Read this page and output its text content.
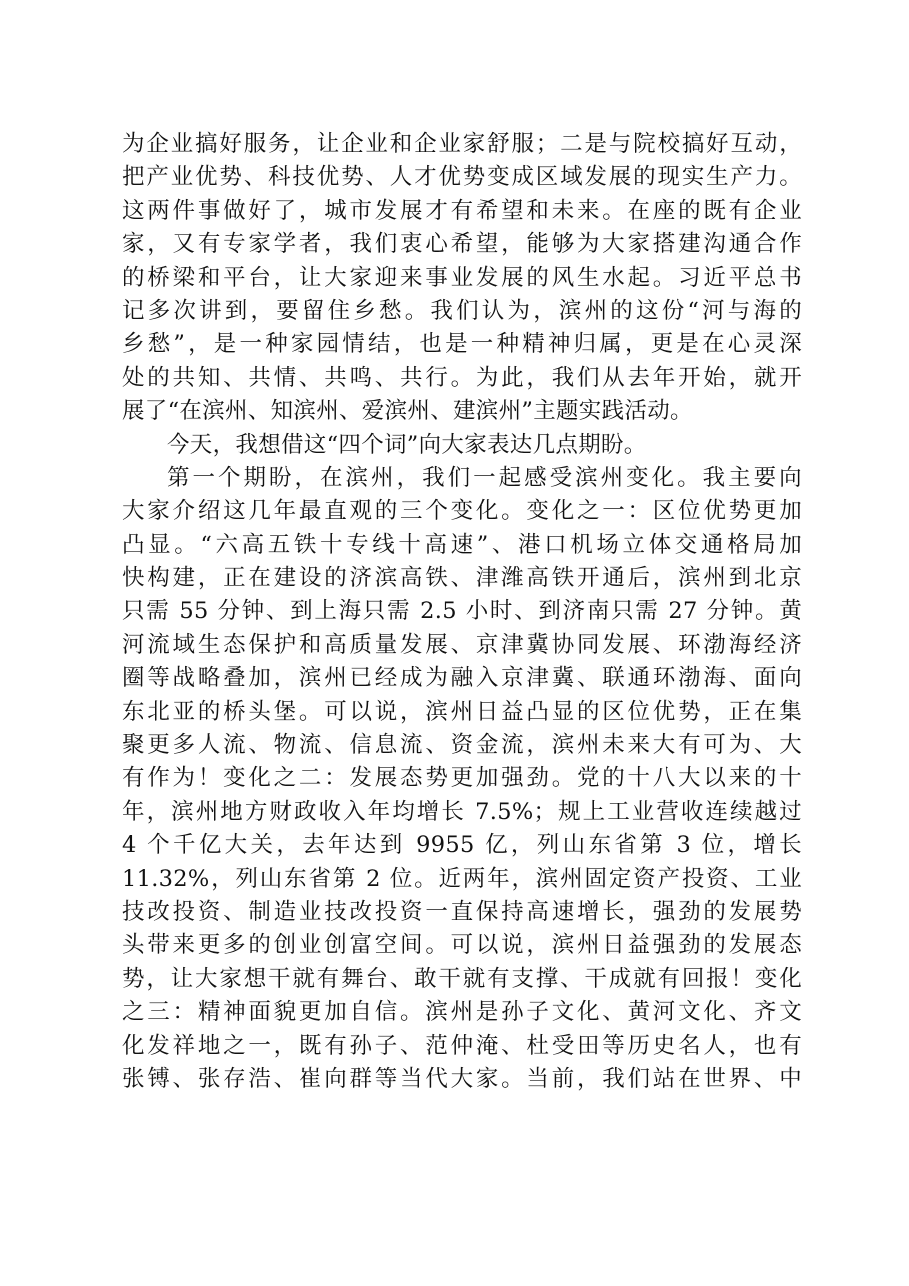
为企业搞好服务，让企业和企业家舒服；二是与院校搞好互动，
把产业优势、科技优势、人才优势变成区域发展的现实生产力。
这两件事做好了，城市发展才有希望和未来。在座的既有企业
家，又有专家学者，我们衷心希望，能够为大家搭建沟通合作
的桥梁和平台，让大家迎来事业发展的风生水起。习近平总书
记多次讲到，要留住乡愁。我们认为，滨州的这份“河与海的
乡愁”，是一种家园情结，也是一种精神归属，更是在心灵深
处的共知、共情、共鸣、共行。为此，我们从去年开始，就开
展了“在滨州、知滨州、爱滨州、建滨州”主题实践活动。
今天，我想借这“四个词”向大家表达几点期盼。
第一个期盼，在滨州，我们一起感受滨州变化。我主要向
大家介绍这几年最直观的三个变化。变化之一：区位优势更加
凸显。“六高五铁十专线十高速”、港口机场立体交通格局加
快构建，正在建设的济滨高铁、津潍高铁开通后，滨州到北京
只需 55 分钟、到上海只需 2.5 小时、到济南只需 27 分钟。黄
河流域生态保护和高质量发展、京津冀协同发展、环渤海经济
圈等战略叠加，滨州已经成为融入京津冀、联通环渤海、面向
东北亚的桥头堡。可以说，滨州日益凸显的区位优势，正在集
聚更多人流、物流、信息流、资金流，滨州未来大有可为、大
有作为！变化之二：发展态势更加强劲。党的十八大以来的十
年，滨州地方财政收入年均增长 7.5%；规上工业营收连续越过
4 个千亿大关，去年达到 9955 亿，列山东省第 3 位，增长
11.32%，列山东省第 2 位。近两年，滨州固定资产投资、工业
技改投资、制造业技改投资一直保持高速增长，强劲的发展势
头带来更多的创业创富空间。可以说，滨州日益强劲的发展态
势，让大家想干就有舞台、敢干就有支撑、干成就有回报！变化
之三：精神面貌更加自信。滨州是孙子文化、黄河文化、齐文
化发祥地之一，既有孙子、范仲淹、杜受田等历史名人，也有
张镈、张存浩、崔向群等当代大家。当前，我们站在世界、中
